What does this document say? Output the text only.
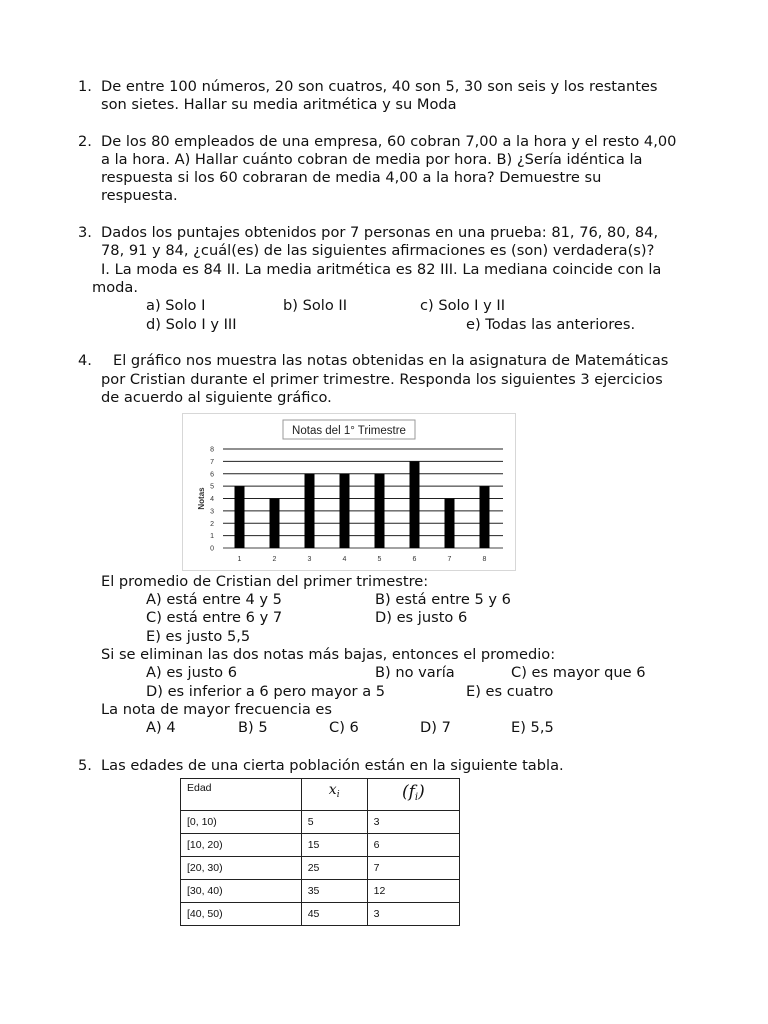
1. De entre 100 números, 20 son cuatros, 40 son 5, 30 son seis y los restantes
son sietes. Hallar su media aritmética y su Moda
2. De los 80 empleados de una empresa, 60 cobran 7,00 a la hora y el resto 4,00
a la hora. A) Hallar cuánto cobran de media por hora. B) ¿Sería idéntica la
respuesta si los 60 cobraran de media 4,00 a la hora? Demuestre su
respuesta.
3. Dados los puntajes obtenidos por 7 personas en una prueba: 81, 76, 80, 84,
78, 91 y 84, ¿cuál(es) de las siguientes afirmaciones es (son) verdadera(s)?
I. La moda es 84 II. La media aritmética es 82 III. La mediana coincide con la
moda.
a) Solo I	b) Solo II	c) Solo I y II
d) Solo I y III	e) Todas las anteriores.
4. El gráfico nos muestra las notas obtenidas en la asignatura de Matemáticas
por Cristian durante el primer trimestre. Responda los siguientes 3 ejercicios
de acuerdo al siguiente gráfico.
Notas del 1° Trimestre
0
1
2
3
4
5
6
7
8
Notas
1	2	3	4	5	6	7	8
El promedio de Cristian del primer trimestre:
A) está entre 4 y 5	B) está entre 5 y 6
C) está entre 6 y 7	D) es justo 6
E) es justo 5,5
Si se eliminan las dos notas más bajas, entonces el promedio:
A) es justo 6	B) no varía	C) es mayor que 6
D) es inferior a 6 pero mayor a 5	E) es cuatro
La nota de mayor frecuencia es
A) 4	B) 5	C) 6	D) 7	E) 5,5
5. Las edades de una cierta población están en la siguiente tabla.
Edad	$x_i$	$(f_i)$
[0, 10)	5	3
[10, 20)	15	6
[20, 30)	25	7
[30, 40)	35	12
[40, 50)	45	3
